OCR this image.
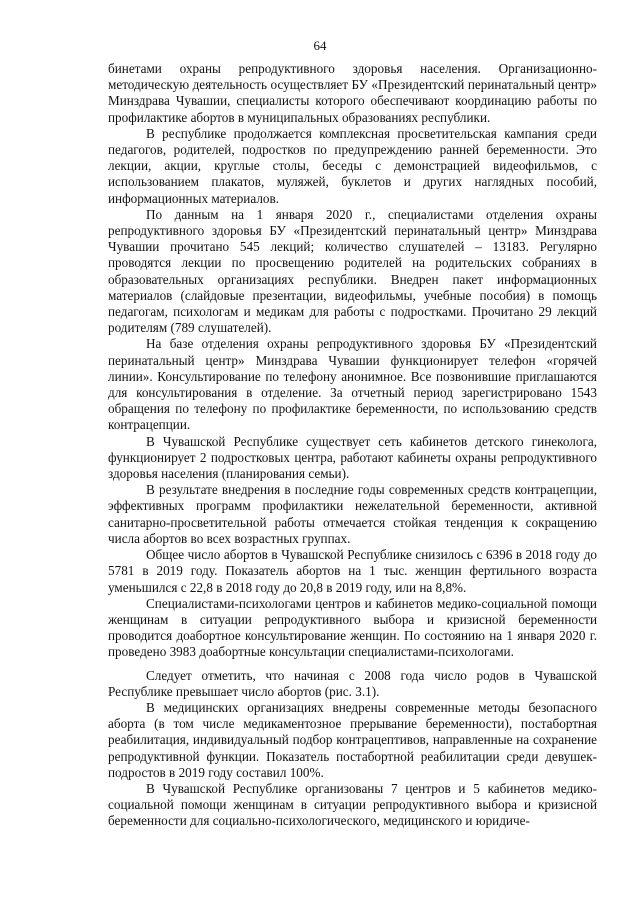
64

бинетами охраны репродуктивного здоровья населения. Организационно-методическую деятельность осуществляет БУ «Президентский перинатальный центр» Минздрава Чувашии, специалисты которого обеспечивают координацию работы по профилактике абортов в муниципальных образованиях республики.

В республике продолжается комплексная просветительская кампания среди педагогов, родителей, подростков по предупреждению ранней беременности. Это лекции, акции, круглые столы, беседы с демонстрацией видеофильмов, с использованием плакатов, муляжей, буклетов и других наглядных пособий, информационных материалов.

По данным на 1 января 2020 г., специалистами отделения охраны репродуктивного здоровья БУ «Президентский перинатальный центр» Минздрава Чувашии прочитано 545 лекций; количество слушателей – 13183. Регулярно проводятся лекции по просвещению родителей на родительских собраниях в образовательных организациях республики. Внедрен пакет информационных материалов (слайдовые презентации, видеофильмы, учебные пособия) в помощь педагогам, психологам и медикам для работы с подростками. Прочитано 29 лекций родителям (789 слушателей).

На базе отделения охраны репродуктивного здоровья БУ «Президентский перинатальный центр» Минздрава Чувашии функционирует телефон «горячей линии». Консультирование по телефону анонимное. Все позвонившие приглашаются для консультирования в отделение. За отчетный период зарегистрировано 1543 обращения по телефону по профилактике беременности, по использованию средств контрацепции.

В Чувашской Республике существует сеть кабинетов детского гинеколога, функционирует 2 подростковых центра, работают кабинеты охраны репродуктивного здоровья населения (планирования семьи).

В результате внедрения в последние годы современных средств контрацепции, эффективных программ профилактики нежелательной беременности, активной санитарно-просветительной работы отмечается стойкая тенденция к сокращению числа абортов во всех возрастных группах.

Общее число абортов в Чувашской Республике снизилось с 6396 в 2018 году до 5781 в 2019 году. Показатель абортов на 1 тыс. женщин фертильного возраста уменьшился с 22,8 в 2018 году до 20,8 в 2019 году, или на 8,8%.

Специалистами-психологами центров и кабинетов медико-социальной помощи женщинам в ситуации репродуктивного выбора и кризисной беременности проводится доабортное консультирование женщин. По состоянию на 1 января 2020 г. проведено 3983 доабортные консультации специалистами-психологами.

Следует отметить, что начиная с 2008 года число родов в Чувашской Республике превышает число абортов (рис. 3.1).

В медицинских организациях внедрены современные методы безопасного аборта (в том числе медикаментозное прерывание беременности), постабортная реабилитация, индивидуальный подбор контрацептивов, направленные на сохранение репродуктивной функции. Показатель постабортной реабилитации среди девушек-подростов в 2019 году составил 100%.

В Чувашской Республике организованы 7 центров и 5 кабинетов медико-социальной помощи женщинам в ситуации репродуктивного выбора и кризисной беременности для социально-психологического, медицинского и юридиче-
